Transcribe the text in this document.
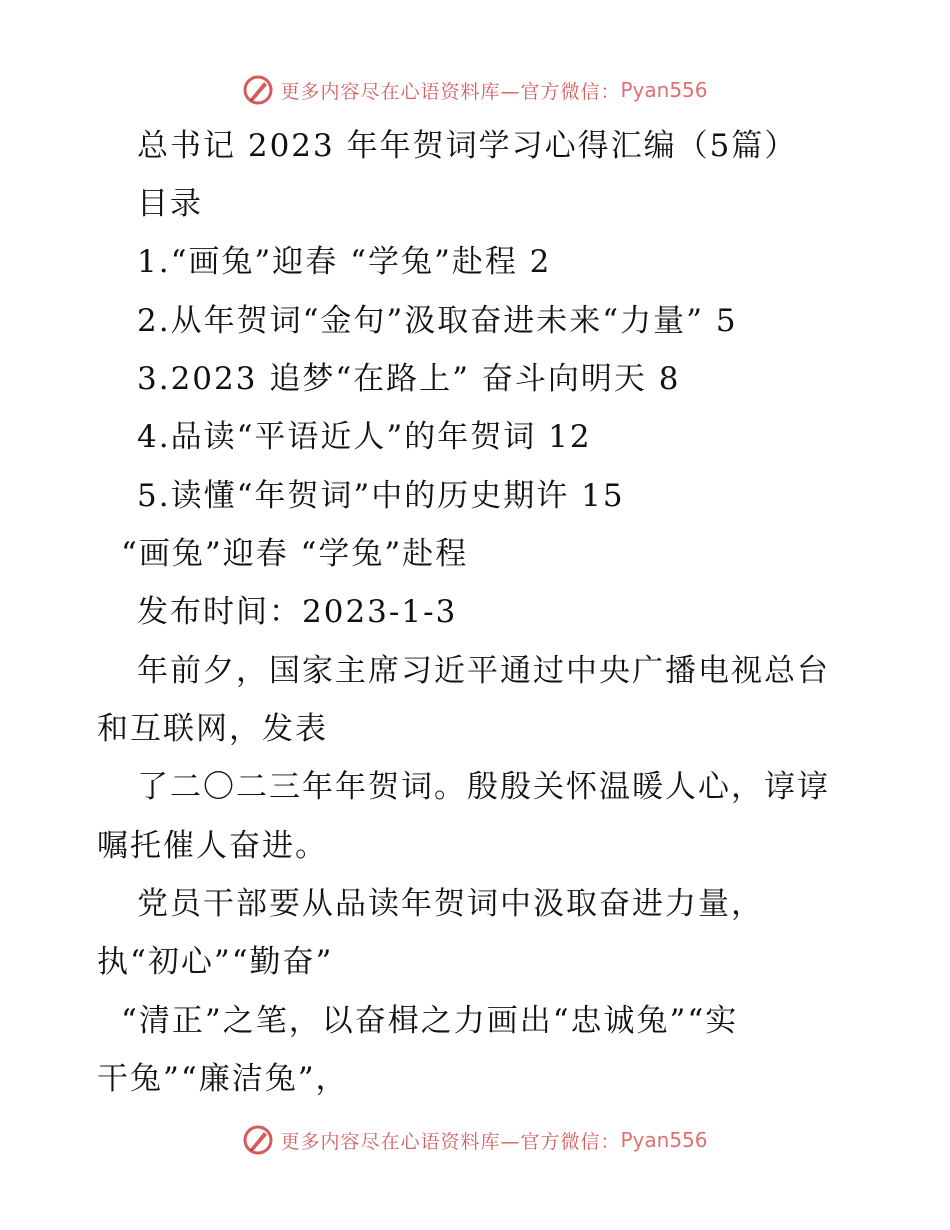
更多内容尽在心语资料库—官方微信： Pyan556
总书记 2023 年年贺词学习心得汇编（5篇）
目录
1.“画兔”迎春 “学兔”赴程 2
2.从年贺词“金句”汲取奋进未来“力量” 5
3.2023 追梦“在路上” 奋斗向明天 8
4.品读“平语近人”的年贺词 12
5.读懂“年贺词”中的历史期许 15
“画兔”迎春 “学兔”赴程
发布时间：2023-1-3
年前夕，国家主席习近平通过中央广播电视总台
和互联网，发表
了二〇二三年年贺词。殷殷关怀温暖人心，谆谆
嘱托催人奋进。
党员干部要从品读年贺词中汲取奋进力量，
执“初心”“勤奋”
“清正”之笔，以奋楫之力画出“忠诚兔”“实
干兔”“廉洁兔”，
更多内容尽在心语资料库—官方微信： Pyan556
